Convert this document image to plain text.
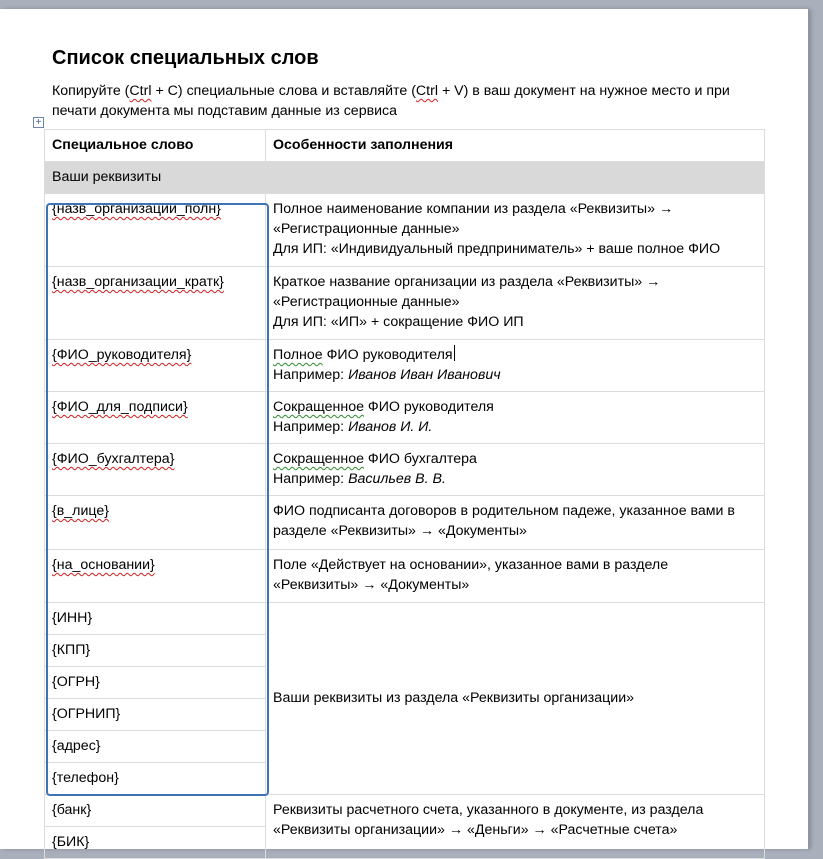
Список специальных слов
Копируйте (Ctrl + C) специальные слова и вставляйте (Ctrl + V) в ваш документ на нужное место и при печати документа мы подставим данные из сервиса
+
Специальное слово	Особенности заполнения
Ваши реквизиты	
{назв_организации_полн}	Полное наименование компании из раздела «Реквизиты» →
«Регистрационные данные»
Для ИП: «Индивидуальный предприниматель» + ваше полное ФИО

{назв_организации_кратк}	Краткое название организации из раздела «Реквизиты» →
«Регистрационные данные»
Для ИП: «ИП» + сокращение ФИО ИП

{ФИО_руководителя}	Полное ФИО руководителя
Например: Иванов Иван Иванович

{ФИО_для_подписи}	Сокращенное ФИО руководителя
Например: Иванов И. И.

{ФИО_бухгалтера}	Сокращенное ФИО бухгалтера
Например: Васильев В. В.

{в_лице}	ФИО подписанта договоров в родительном падеже, указанное вами в
разделе «Реквизиты» → «Документы»

{на_основании}	Поле «Действует на основании», указанное вами в разделе
«Реквизиты» → «Документы»

{ИНН}	Ваши реквизиты из раздела «Реквизиты организации»

{КПП}	
{ОГРН}	
{ОГРНИП}	
{адрес}	
{телефон}	
{банк}	Реквизиты расчетного счета, указанного в документе, из раздела
«Реквизиты организации» → «Деньги» → «Расчетные счета»

{БИК}	
